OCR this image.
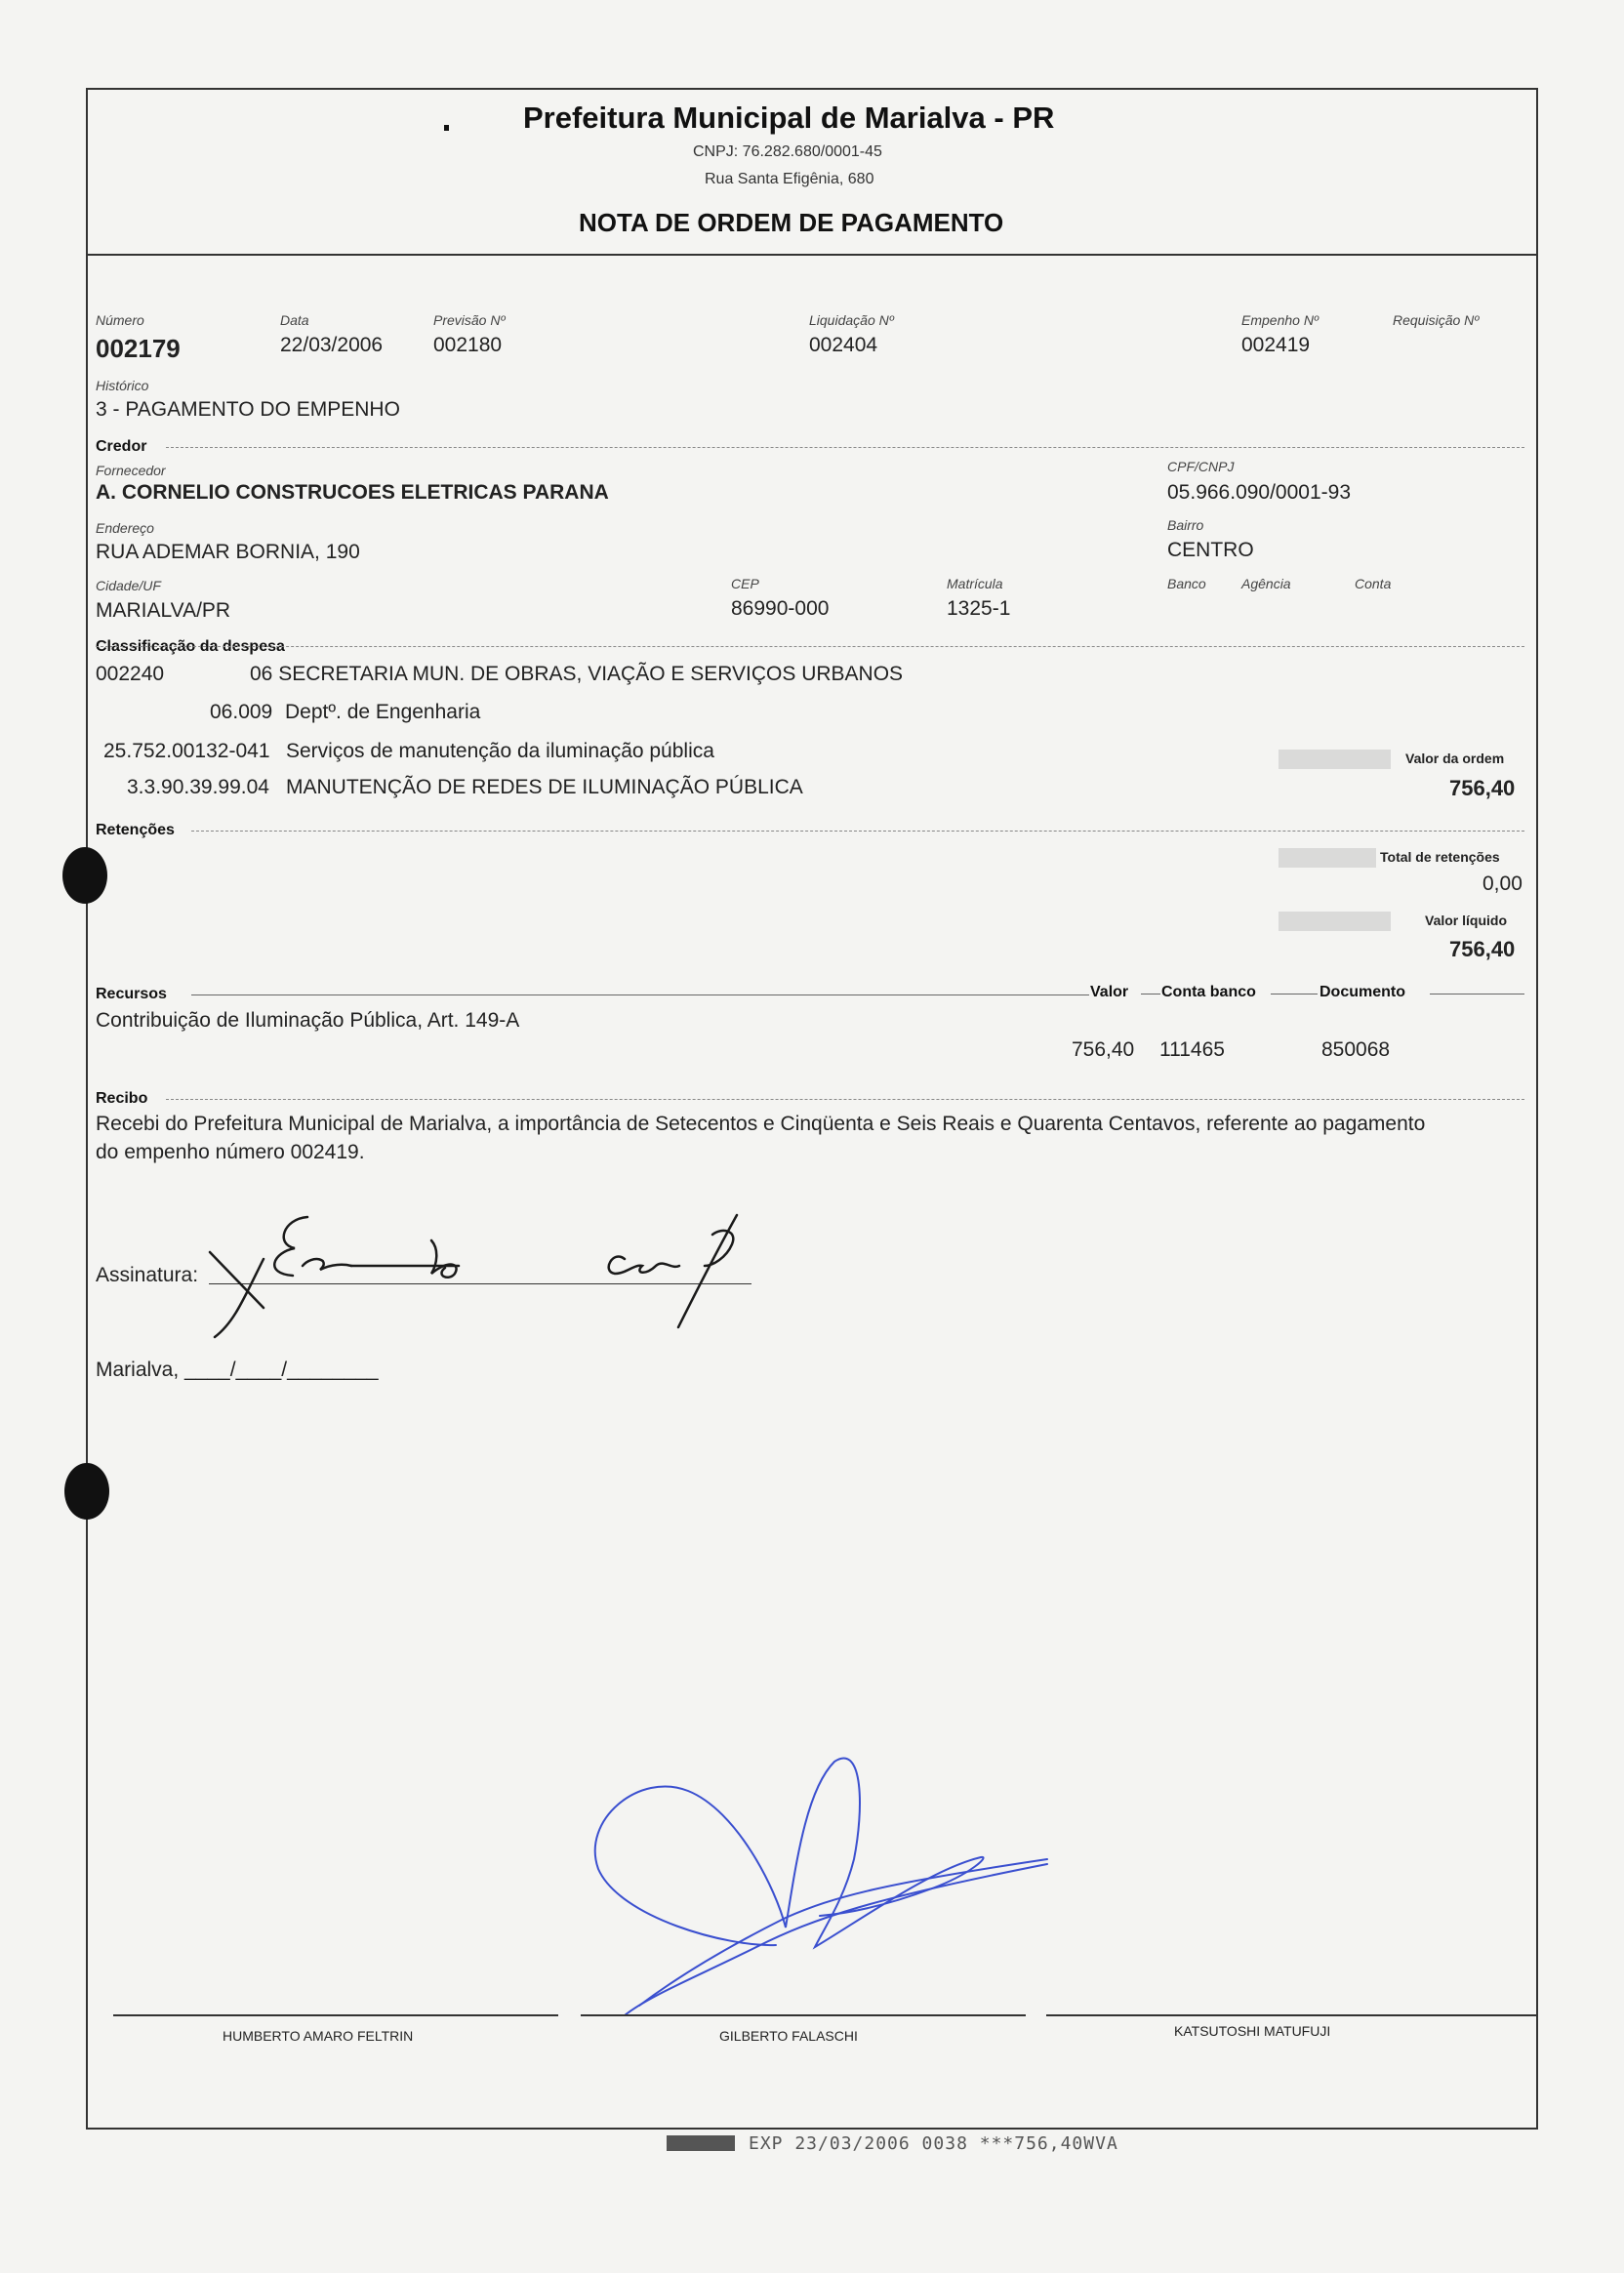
Prefeitura Municipal de Marialva - PR
CNPJ: 76.282.680/0001-45
Rua Santa Efigênia, 680
NOTA DE ORDEM DE PAGAMENTO
Número
002179
Data
22/03/2006
Previsão Nº
002180
Liquidação Nº
002404
Empenho Nº
002419
Requisição Nº
Histórico
3 - PAGAMENTO DO EMPENHO
Credor
Fornecedor
A. CORNELIO CONSTRUCOES ELETRICAS PARANA
CPF/CNPJ
05.966.090/0001-93
Endereço
RUA ADEMAR BORNIA, 190
Bairro
CENTRO
Cidade/UF
MARIALVA/PR
CEP
86990-000
Matrícula
1325-1
Banco	Agência	Conta
Classificação da despesa
002240	06 SECRETARIA MUN. DE OBRAS, VIAÇÃO E SERVIÇOS URBANOS
06.009 Deptº. de Engenharia
25.752.00132-041 Serviços de manutenção da iluminação pública
3.3.90.39.99.04 MANUTENÇÃO DE REDES DE ILUMINAÇÃO PÚBLICA
Valor da ordem
756,40
Retenções
Total de retenções
0,00
Valor líquido
756,40
Recursos	Valor Conta banco	Documento
Contribuição de Iluminação Pública, Art. 149-A
756,40 111465	850068
Recibo
Recebi do Prefeitura Municipal de Marialva, a importância de Setecentos e Cinqüenta e Seis Reais e Quarenta Centavos, referente ao pagamento
do empenho número 002419.
Assinatura:
Marialva, ____/____/________
HUMBERTO AMARO FELTRIN	GILBERTO FALASCHI	KATSUTOSHI MATUFUJI
EXP 23/03/2006 0038 ***756,40WVA
